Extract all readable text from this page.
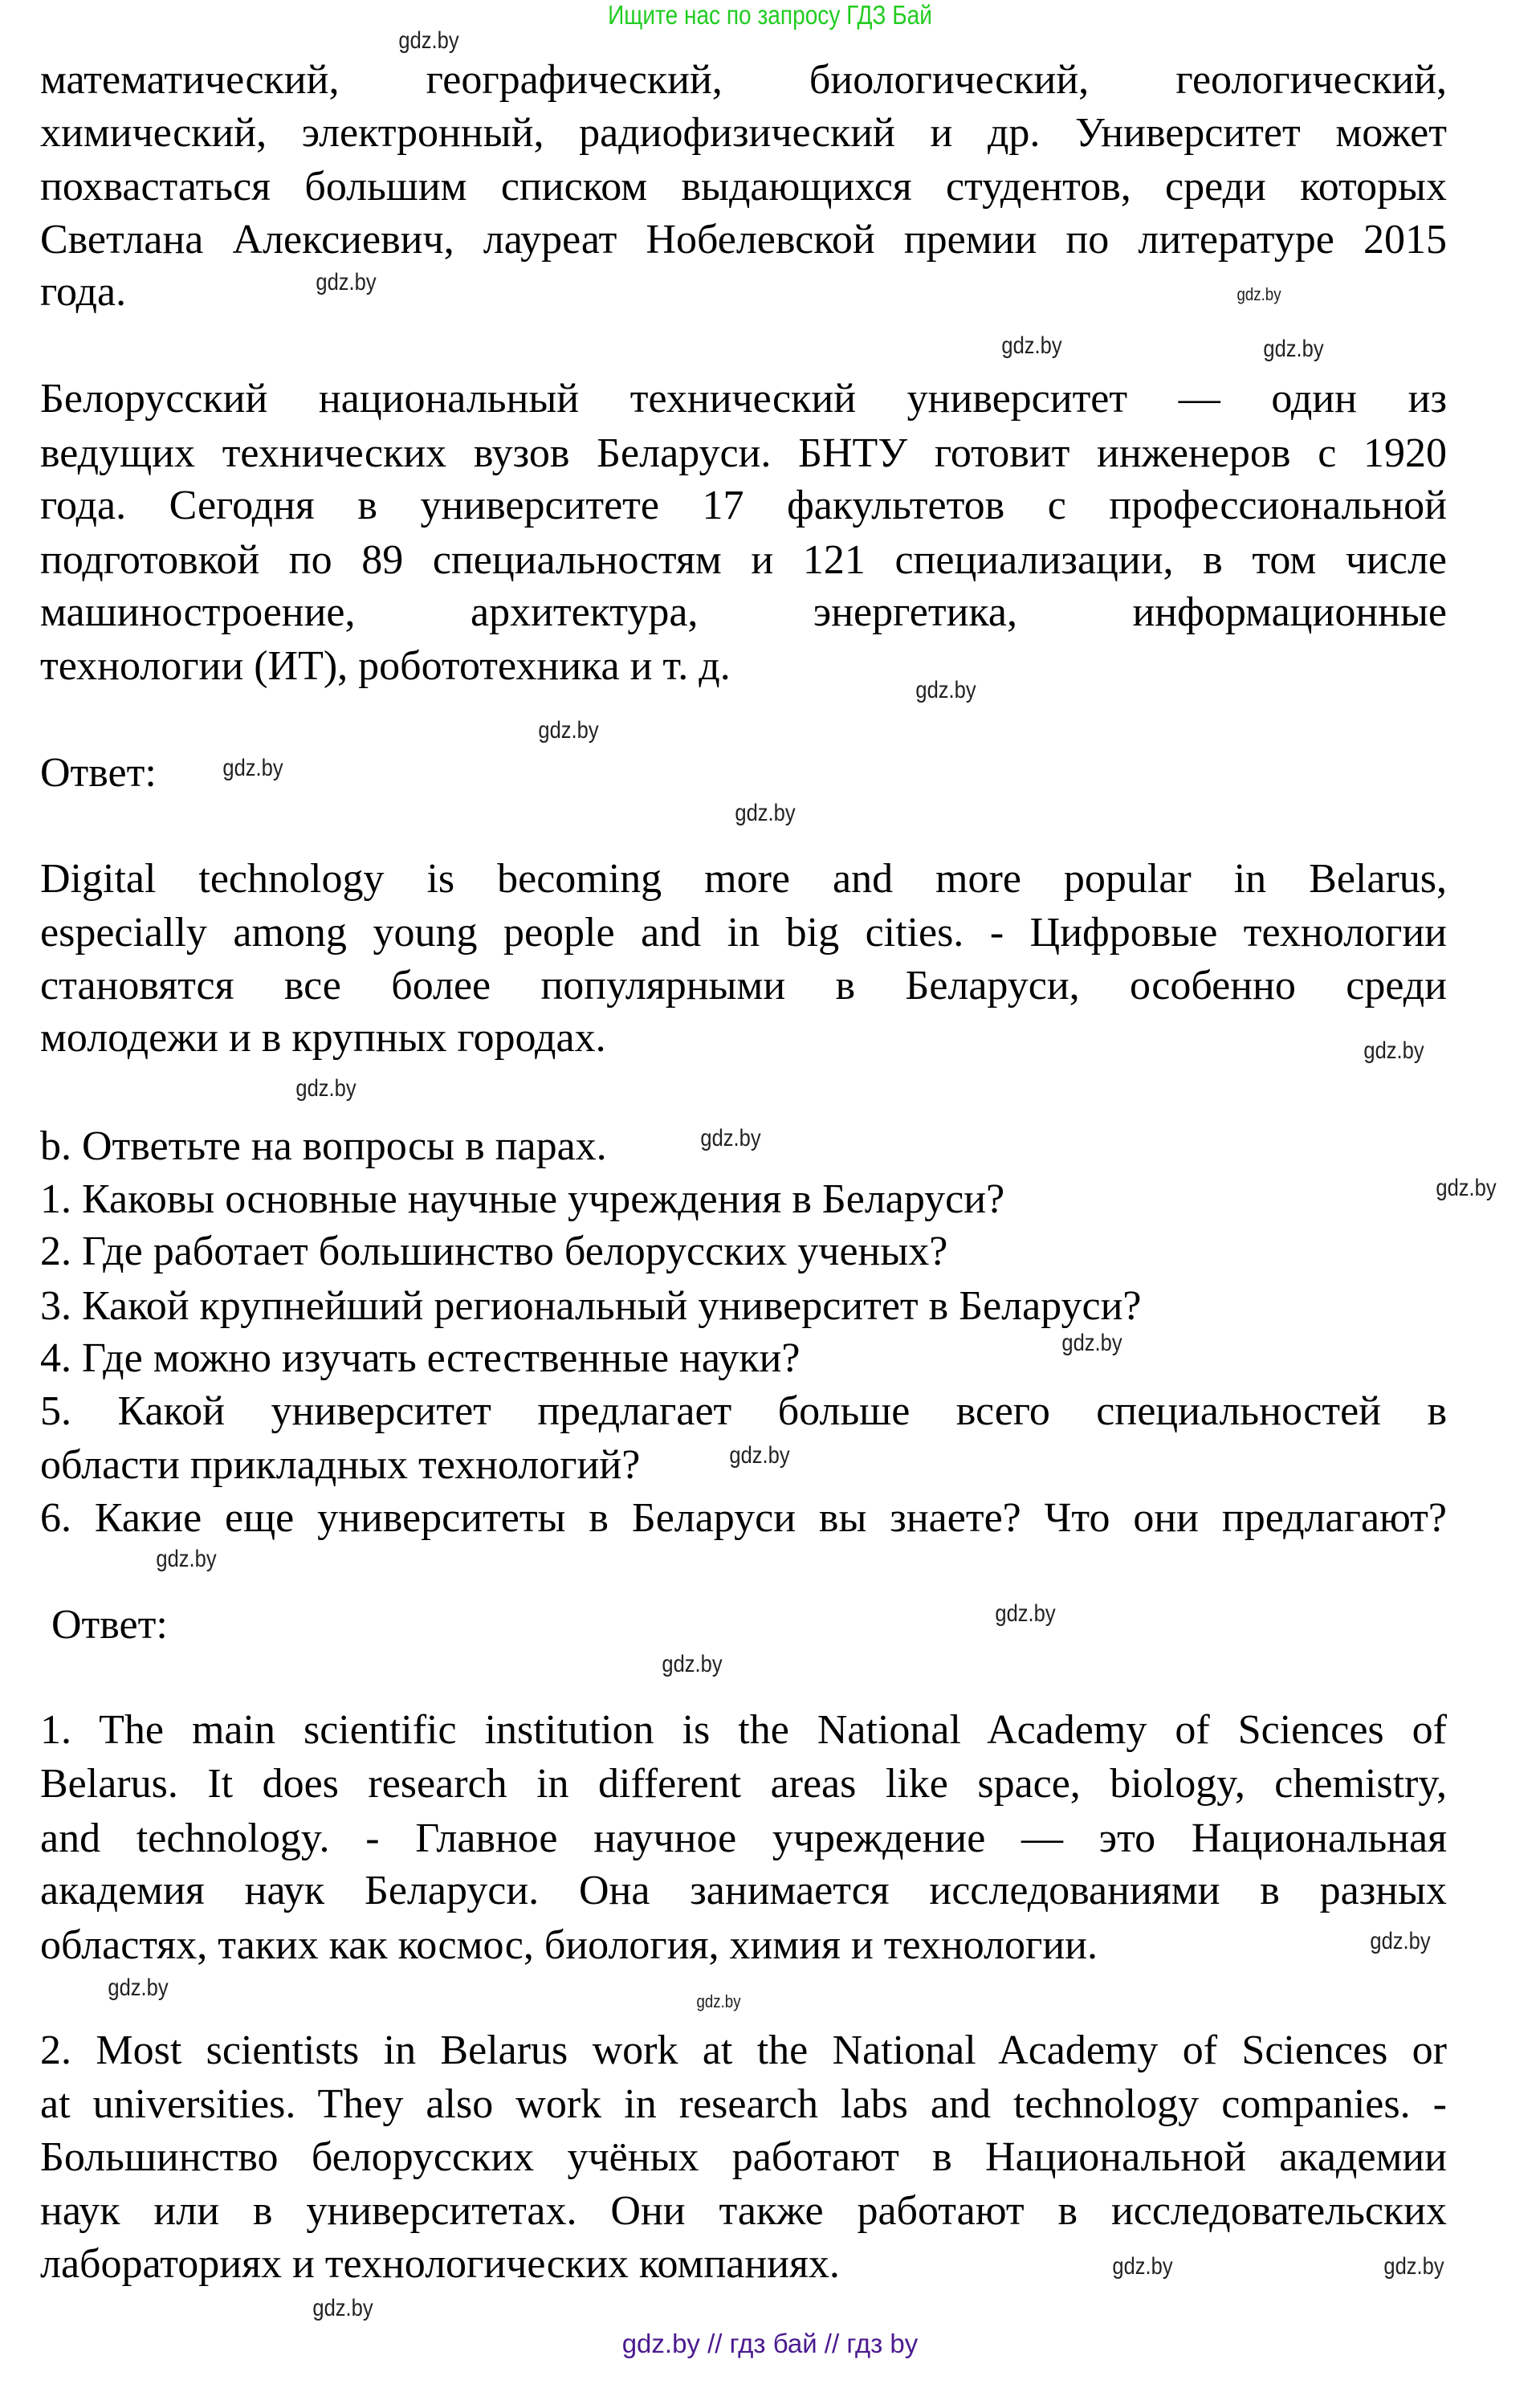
Ищите нас по запросу ГДЗ Бай
математический, географический, биологический, геологический,
химический, электронный, радиофизический и др. Университет может
похвастаться большим списком выдающихся студентов, среди которых
Светлана Алексиевич, лауреат Нобелевской премии по литературе 2015
года.
Белорусский национальный технический университет — один из
ведущих технических вузов Беларуси. БНТУ готовит инженеров с 1920
года. Сегодня в университете 17 факультетов с профессиональной
подготовкой по 89 специальностям и 121 специализации, в том числе
машиностроение, архитектура, энергетика, информационные
технологии (ИТ), робототехника и т. д.
Ответ:
Digital technology is becoming more and more popular in Belarus,
especially among young people and in big cities. - Цифровые технологии
становятся все более популярными в Беларуси, особенно среди
молодежи и в крупных городах.
b. Ответьте на вопросы в парах.
1. Каковы основные научные учреждения в Беларуси?
2. Где работает большинство белорусских ученых?
3. Какой крупнейший региональный университет в Беларуси?
4. Где можно изучать естественные науки?
5. Какой университет предлагает больше всего специальностей в
области прикладных технологий?
6. Какие еще университеты в Беларуси вы знаете? Что они предлагают?
Ответ:
1. The main scientific institution is the National Academy of Sciences of
Belarus. It does research in different areas like space, biology, chemistry,
and technology. - Главное научное учреждение — это Национальная
академия наук Беларуси. Она занимается исследованиями в разных
областях, таких как космос, биология, химия и технологии.
2. Most scientists in Belarus work at the National Academy of Sciences or
at universities. They also work in research labs and technology companies. -
Большинство белорусских учёных работают в Национальной академии
наук или в университетах. Они также работают в исследовательских
лабораториях и технологических компаниях.
gdz.by // гдз бай // гдз by
gdz.by
gdz.by
gdz.by
gdz.by	gdz.by
gdz.by
gdz.by
gdz.by
gdz.by
gdz.by
gdz.by
gdz.by
gdz.by
gdz.by
gdz.by
gdz.by
gdz.by
gdz.by
gdz.by
gdz.by
gdz.by
gdz.by
gdz.by
gdz.by
